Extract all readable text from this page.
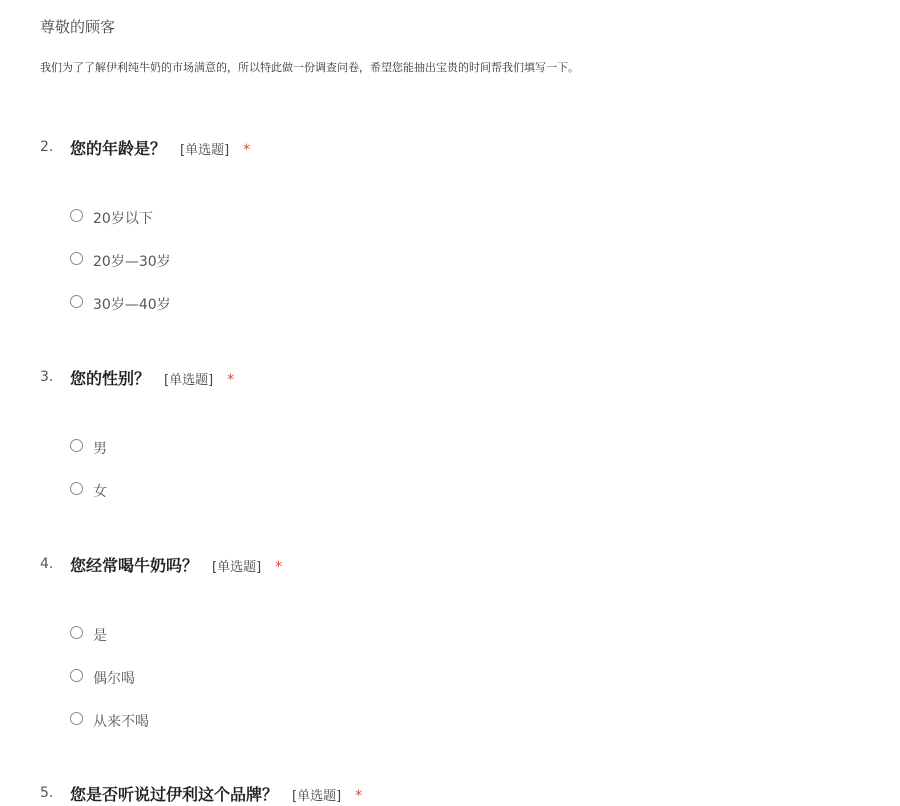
尊敬的顾客
我们为了了解伊利纯牛奶的市场满意的，所以特此做一份调查问卷，希望您能抽出宝贵的时间帮我们填写一下。
2. 您的年龄是？ [单选题] *
20岁以下
20岁—30岁
30岁—40岁
3. 您的性别？ [单选题] *
男
女
4. 您经常喝牛奶吗？ [单选题] *
是
偶尔喝
从来不喝
5. 您是否听说过伊利这个品牌？ [单选题] *
